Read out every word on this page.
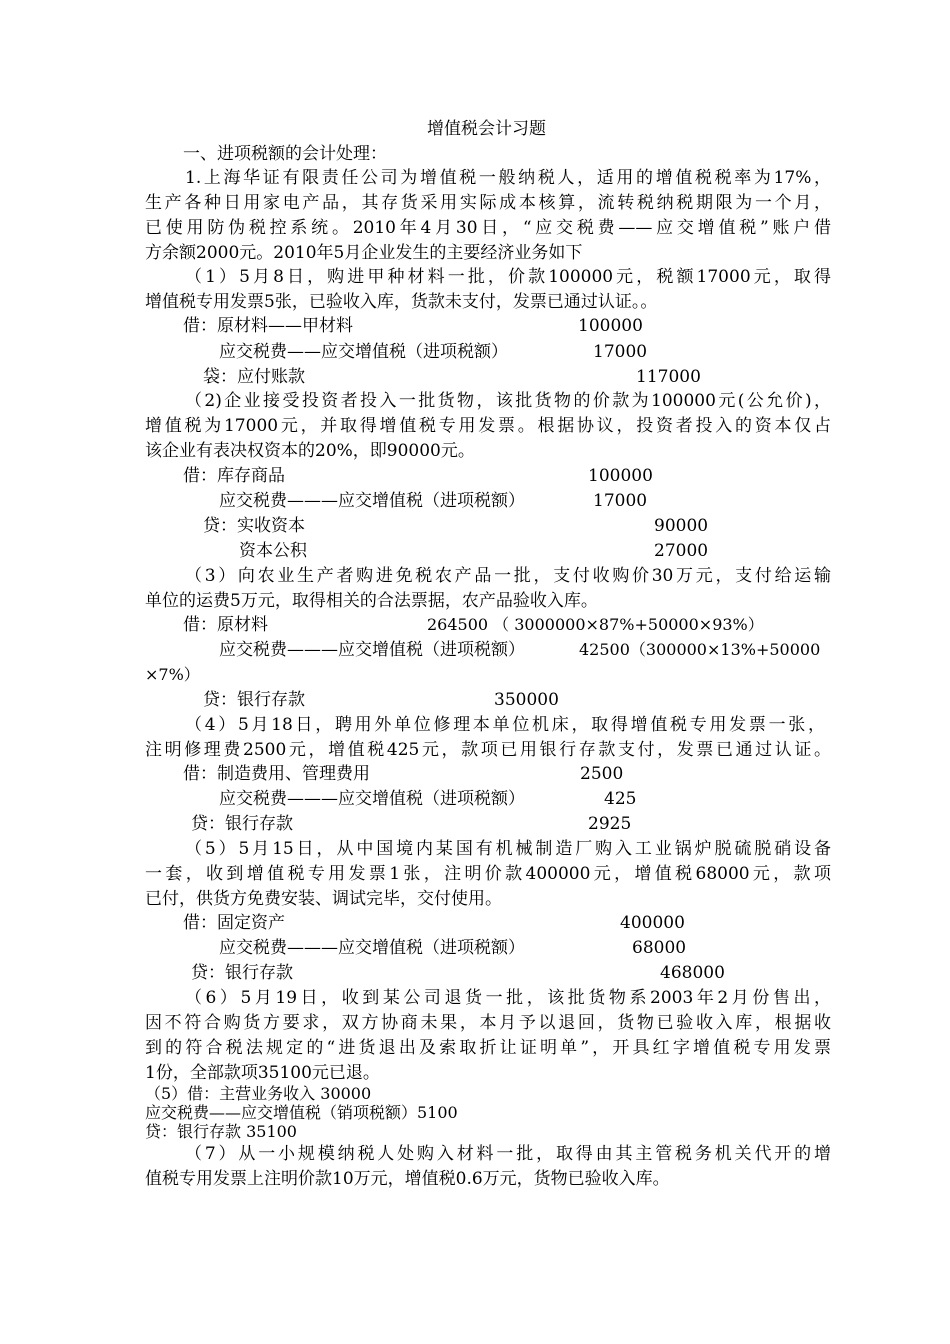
增值税会计习题
一、进项税额的会计处理：
1.上海华证有限责任公司为增值税一般纳税人，适用的增值税税率为17%，
生产各种日用家电产品，其存货采用实际成本核算，流转税纳税期限为一个月，
已使用防伪税控系统。2010年4月30日，“应交税费——应交增值税”账户借
方余额2000元。2010年5月企业发生的主要经济业务如下
（1）5月8日，购进甲种材料一批，价款100000元，税额17000元，取得
增值税专用发票5张，已验收入库，货款未支付，发票已通过认证。。
借：原材料——甲材料	100000
应交税费——应交增值税（进项税额）	17000
袋：应付账款	117000
（2)企业接受投资者投入一批货物，该批货物的价款为100000元(公允价)，
增值税为17000元，并取得增值税专用发票。根据协议，投资者投入的资本仅占
该企业有表决权资本的20%，即90000元。
借：库存商品	100000
应交税费———应交增值税（进项税额）	17000
贷：实收资本	90000
资本公积	27000
（3）向农业生产者购进免税农产品一批，支付收购价30万元，支付给运输
单位的运费5万元，取得相关的合法票据，农产品验收入库。
借：原材料	264500 （ 3000000×87%+50000×93%）
应交税费———应交增值税（进项税额）	42500（300000×13%+50000
×7%）
贷：银行存款	350000
（4）5月18日，聘用外单位修理本单位机床，取得增值税专用发票一张，
注明修理费2500元，增值税425元，款项已用银行存款支付，发票已通过认证。
借：制造费用、管理费用	2500
应交税费———应交增值税（进项税额）	425
贷：银行存款	2925
（5）5月15日，从中国境内某国有机械制造厂购入工业锅炉脱硫脱硝设备
一套，收到增值税专用发票1张，注明价款400000元，增值税68000元，款项
已付，供货方免费安装、调试完毕，交付使用。
借：固定资产	400000
应交税费———应交增值税（进项税额）	68000
贷：银行存款	468000
（6）5月19日，收到某公司退货一批，该批货物系2003年2月份售出，
因不符合购货方要求，双方协商未果，本月予以退回，货物已验收入库，根据收
到的符合税法规定的“进货退出及索取折让证明单”，开具红字增值税专用发票
1份，全部款项35100元已退。
（5）借：主营业务收入 30000
应交税费——应交增值税（销项税额）5100
贷：银行存款 35100
（7）从一小规模纳税人处购入材料一批，取得由其主管税务机关代开的增
值税专用发票上注明价款10万元，增值税0.6万元，货物已验收入库。
